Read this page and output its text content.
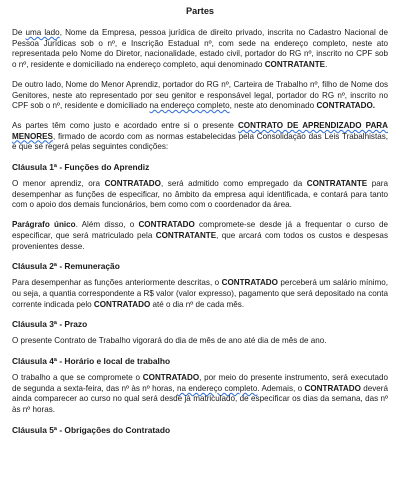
Partes

De uma lado, Nome da Empresa, pessoa jurídica de direito privado, inscrita no Cadastro Nacional de Pessoa Jurídicas sob o nº, e Inscrição Estadual nº, com sede na endereço completo, neste ato representada pelo Nome do Diretor, nacionalidade, estado civil, portador do RG nº, inscrito no CPF sob o nº, residente e domiciliado na endereço completo, aqui denominado CONTRATANTE.

De outro lado, Nome do Menor Aprendiz, portador do RG nº, Carteira de Trabalho nº, filho de Nome dos Genitores, neste ato representado por seu genitor e responsável legal, portador do RG nº, inscrito no CPF sob o nº, residente e domiciliado na endereço completo, neste ato denominado CONTRATADO.

As partes têm como justo e acordado entre si o presente CONTRATO DE APRENDIZADO PARA MENORES, firmado de acordo com as normas estabelecidas pela Consolidação das Leis Trabalhistas, e que se regerá pelas seguintes condições:

Cláusula 1ª - Funções do Aprendiz

O menor aprendiz, ora CONTRATADO, será admitido como empregado da CONTRATANTE para desempenhar as funções de especificar, no âmbito da empresa aqui identificada, e contará para tanto com o apoio dos demais funcionários, bem como com o coordenador da área.

Parágrafo único. Além disso, o CONTRATADO compromete-se desde já a frequentar o curso de especificar, que será matriculado pela CONTRATANTE, que arcará com todos os custos e despesas provenientes desse.

Cláusula 2ª - Remuneração

Para desempenhar as funções anteriormente descritas, o CONTRATADO perceberá um salário mínimo, ou seja, a quantia correspondente a R$ valor (valor expresso), pagamento que será depositado na conta corrente indicada pelo CONTRATADO até o dia nº de cada mês.

Cláusula 3ª - Prazo

O presente Contrato de Trabalho vigorará do dia de mês de ano até dia de mês de ano.

Cláusula 4ª - Horário e local de trabalho

O trabalho a que se compromete o CONTRATADO, por meio do presente instrumento, será executado de segunda a sexta-feira, das nº às nº horas, na endereço completo. Ademais, o CONTRATADO deverá ainda comparecer ao curso no qual será desde já matriculado, de especificar os dias da semana, das nº às nº horas.

Cláusula 5ª - Obrigações do Contratado
